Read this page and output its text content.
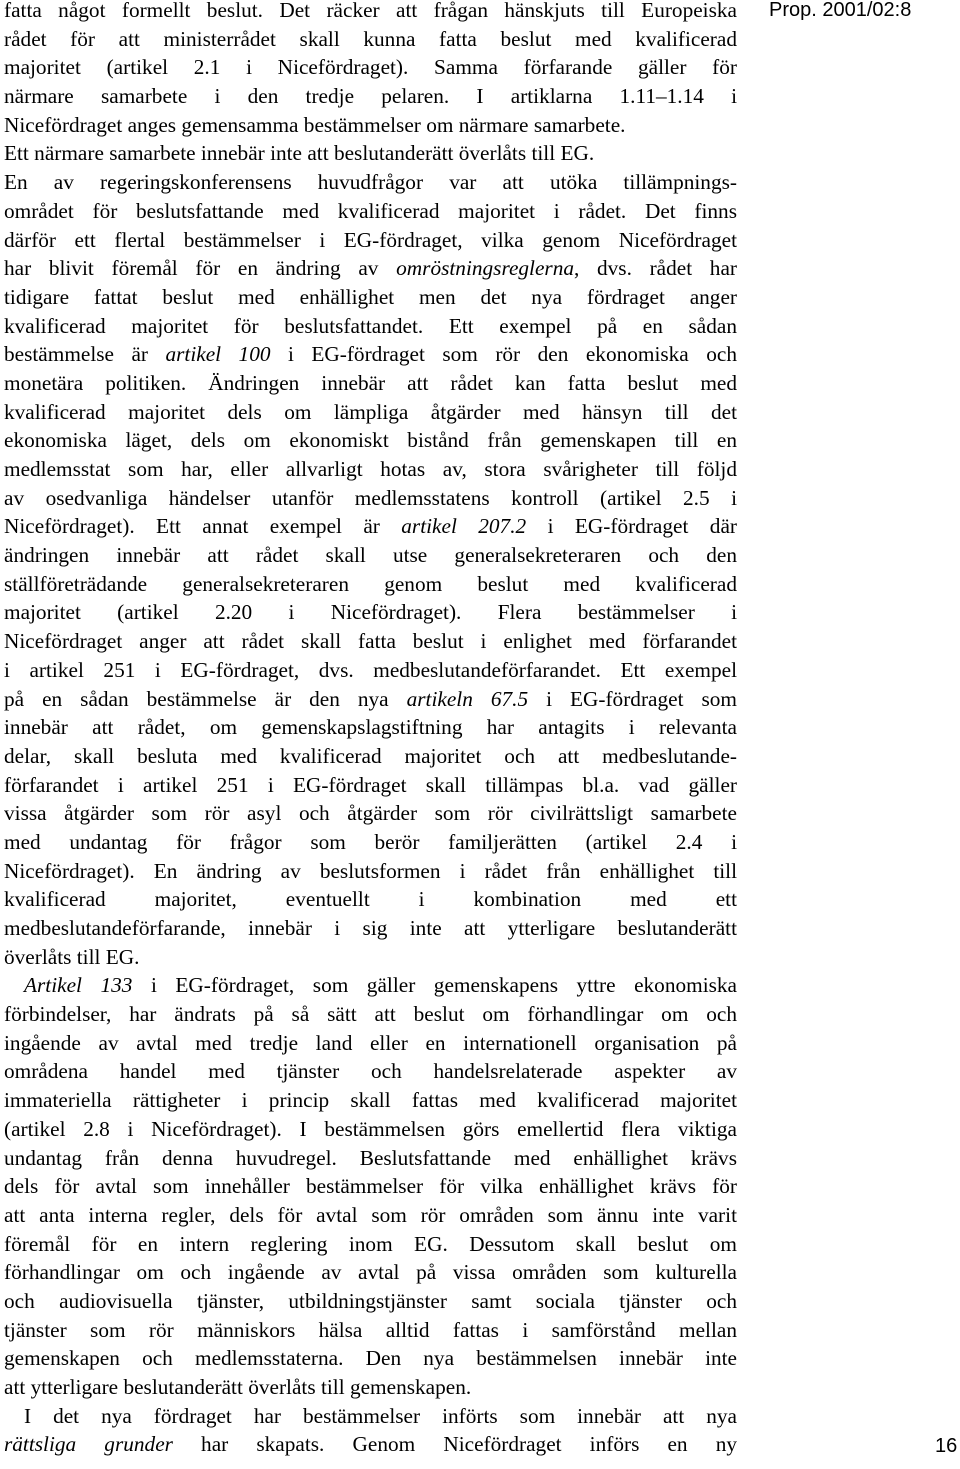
Prop. 2001/02:8
fatta något formellt beslut. Det räcker att frågan hänskjuts till Europeiska
rådet för att ministerrådet skall kunna fatta beslut med kvalificerad
majoritet (artikel 2.1 i Nicefördraget). Samma förfarande gäller för
närmare samarbete i den tredje pelaren. I artiklarna 1.11–1.14 i
Nicefördraget anges gemensamma bestämmelser om närmare samarbete.
Ett närmare samarbete innebär inte att beslutanderätt överlåts till EG.
En av regeringskonferensens huvudfrågor var att utöka tillämpnings-
området för beslutsfattande med kvalificerad majoritet i rådet. Det finns
därför ett flertal bestämmelser i EG-fördraget, vilka genom Nicefördraget
har blivit föremål för en ändring av omröstningsreglerna, dvs. rådet har
tidigare fattat beslut med enhällighet men det nya fördraget anger
kvalificerad majoritet för beslutsfattandet. Ett exempel på en sådan
bestämmelse är artikel 100 i EG-fördraget som rör den ekonomiska och
monetära politiken. Ändringen innebär att rådet kan fatta beslut med
kvalificerad majoritet dels om lämpliga åtgärder med hänsyn till det
ekonomiska läget, dels om ekonomiskt bistånd från gemenskapen till en
medlemsstat som har, eller allvarligt hotas av, stora svårigheter till följd
av osedvanliga händelser utanför medlemsstatens kontroll (artikel 2.5 i
Nicefördraget). Ett annat exempel är artikel 207.2 i EG-fördraget där
ändringen innebär att rådet skall utse generalsekreteraren och den
ställföreträdande generalsekreteraren genom beslut med kvalificerad
majoritet (artikel 2.20 i Nicefördraget). Flera bestämmelser i
Nicefördraget anger att rådet skall fatta beslut i enlighet med förfarandet
i artikel 251 i EG-fördraget, dvs. medbeslutandeförfarandet. Ett exempel
på en sådan bestämmelse är den nya artikeln 67.5 i EG-fördraget som
innebär att rådet, om gemenskapslagstiftning har antagits i relevanta
delar, skall besluta med kvalificerad majoritet och att medbeslutande-
förfarandet i artikel 251 i EG-fördraget skall tillämpas bl.a. vad gäller
vissa åtgärder som rör asyl och åtgärder som rör civilrättsligt samarbete
med undantag för frågor som berör familjerätten (artikel 2.4 i
Nicefördraget). En ändring av beslutsformen i rådet från enhällighet till
kvalificerad majoritet, eventuellt i kombination med ett
medbeslutandeförfarande, innebär i sig inte att ytterligare beslutanderätt
överlåts till EG.
Artikel 133 i EG-fördraget, som gäller gemenskapens yttre ekonomiska
förbindelser, har ändrats på så sätt att beslut om förhandlingar om och
ingående av avtal med tredje land eller en internationell organisation på
områdena handel med tjänster och handelsrelaterade aspekter av
immateriella rättigheter i princip skall fattas med kvalificerad majoritet
(artikel 2.8 i Nicefördraget). I bestämmelsen görs emellertid flera viktiga
undantag från denna huvudregel. Beslutsfattande med enhällighet krävs
dels för avtal som innehåller bestämmelser för vilka enhällighet krävs för
att anta interna regler, dels för avtal som rör områden som ännu inte varit
föremål för en intern reglering inom EG. Dessutom skall beslut om
förhandlingar om och ingående av avtal på vissa områden som kulturella
och audiovisuella tjänster, utbildningstjänster samt sociala tjänster och
tjänster som rör människors hälsa alltid fattas i samförstånd mellan
gemenskapen och medlemsstaterna. Den nya bestämmelsen innebär inte
att ytterligare beslutanderätt överlåts till gemenskapen.
I det nya fördraget har bestämmelser införts som innebär att nya
rättsliga grunder har skapats. Genom Nicefördraget införs en ny	16
